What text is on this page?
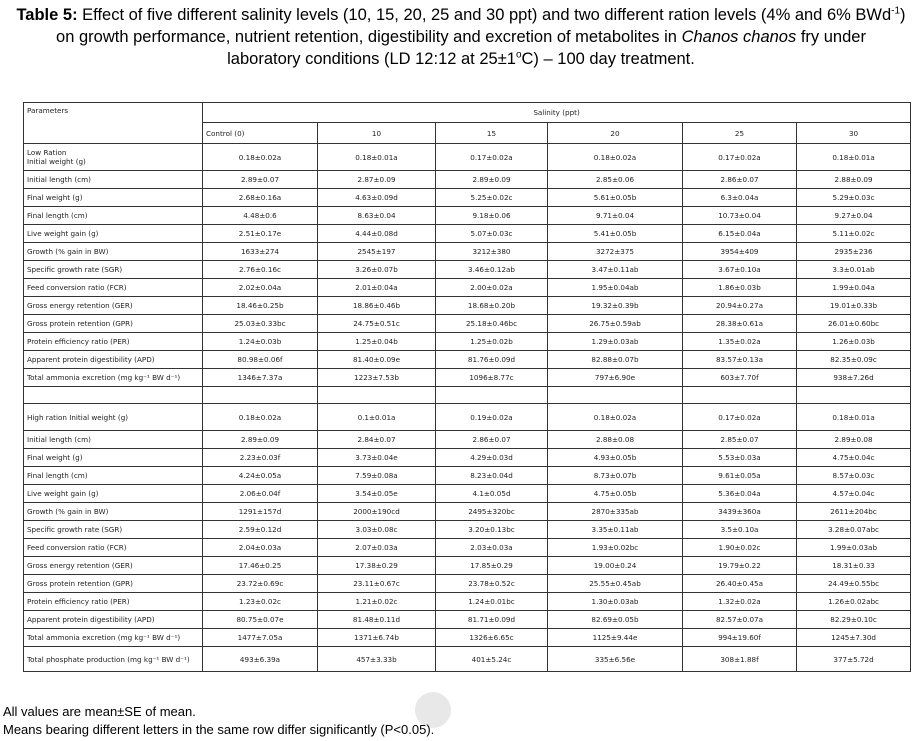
Table 5: Effect of five different salinity levels (10, 15, 20, 25 and 30 ppt) and two different ration levels (4% and 6% BWd$^{-1}$)
on growth performance, nutrient retention, digestibility and excretion of metabolites in Chanos chanos fry under
laboratory conditions (LD 12:12 at $25\pm 1^oC) - 100$ day treatment.
Parameters	Salinity (ppt)					
	Control (0)	10	15	20	25	30
Low Ration
Initial weight (g)	0.18±0.02a	0.18±0.01a	0.17±0.02a	0.18±0.02a	0.17±0.02a	0.18±0.01a
Initial length (cm)	2.89±0.07	2.87±0.09	2.89±0.09	2.85±0.06	2.86±0.07	2.88±0.09
Final weight (g)	2.68±0.16a	4.63±0.09d	5.25±0.02c	5.61±0.05b	6.3±0.04a	5.29±0.03c
Final length (cm)	4.48±0.6	8.63±0.04	9.18±0.06	9.71±0.04	10.73±0.04	9.27±0.04
Live weight gain (g)	2.51±0.17e	4.44±0.08d	5.07±0.03c	5.41±0.05b	6.15±0.04a	5.11±0.02c
Growth (% gain in BW)	1633±274	2545±197	3212±380	3272±375	3954±409	2935±236
Specific growth rate (SGR)	2.76±0.16c	3.26±0.07b	3.46±0.12ab	3.47±0.11ab	3.67±0.10a	3.3±0.01ab
Feed conversion ratio (FCR)	2.02±0.04a	2.01±0.04a	2.00±0.02a	1.95±0.04ab	1.86±0.03b	1.99±0.04a
Gross energy retention (GER)	18.46±0.25b	18.86±0.46b	18.68±0.20b	19.32±0.39b	20.94±0.27a	19.01±0.33b
Gross protein retention (GPR)	25.03±0.33bc	24.75±0.51c	25.18±0.46bc	26.75±0.59ab	28.38±0.61a	26.01±0.60bc
Protein efficiency ratio (PER)	1.24±0.03b	1.25±0.04b	1.25±0.02b	1.29±0.03ab	1.35±0.02a	1.26±0.03b
Apparent protein digestibility (APD)	80.98±0.06f	81.40±0.09e	81.76±0.09d	82.88±0.07b	83.57±0.13a	82.35±0.09c
Total ammonia excretion (mg kg⁻¹ BW d⁻¹)	1346±7.37a	1223±7.53b	1096±8.77c	797±6.90e	603±7.70f	938±7.26d

High ration Initial weight (g)	0.18±0.02a	0.1±0.01a	0.19±0.02a	0.18±0.02a	0.17±0.02a	0.18±0.01a
Initial length (cm)	2.89±0.09	2.84±0.07	2.86±0.07	2.88±0.08	2.85±0.07	2.89±0.08
Final weight (g)	2.23±0.03f	3.73±0.04e	4.29±0.03d	4.93±0.05b	5.53±0.03a	4.75±0.04c
Final length (cm)	4.24±0.05a	7.59±0.08a	8.23±0.04d	8.73±0.07b	9.61±0.05a	8.57±0.03c
Live weight gain (g)	2.06±0.04f	3.54±0.05e	4.1±0.05d	4.75±0.05b	5.36±0.04a	4.57±0.04c
Growth (% gain in BW)	1291±157d	2000±190cd	2495±320bc	2870±335ab	3439±360a	2611±204bc
Specific growth rate (SGR)	2.59±0.12d	3.03±0.08c	3.20±0.13bc	3.35±0.11ab	3.5±0.10a	3.28±0.07abc
Feed conversion ratio (FCR)	2.04±0.03a	2.07±0.03a	2.03±0.03a	1.93±0.02bc	1.90±0.02c	1.99±0.03ab
Gross energy retention (GER)	17.46±0.25	17.38±0.29	17.85±0.29	19.00±0.24	19.79±0.22	18.31±0.33
Gross protein retention (GPR)	23.72±0.69c	23.11±0.67c	23.78±0.52c	25.55±0.45ab	26.40±0.45a	24.49±0.55bc
Protein efficiency ratio (PER)	1.23±0.02c	1.21±0.02c	1.24±0.01bc	1.30±0.03ab	1.32±0.02a	1.26±0.02abc
Apparent protein digestibility (APD)	80.75±0.07e	81.48±0.11d	81.71±0.09d	82.69±0.05b	82.57±0.07a	82.29±0.10c
Total ammonia excretion (mg kg⁻¹ BW d⁻¹)	1477±7.05a	1371±6.74b	1326±6.65c	1125±9.44e	994±19.60f	1245±7.30d
Total phosphate production (mg kg⁻¹ BW d⁻¹)	493±6.39a	457±3.33b	401±5.24c	335±6.56e	308±1.88f	377±5.72d
All values are mean±SE of mean.
Means bearing different letters in the same row differ significantly (P<0.05).
